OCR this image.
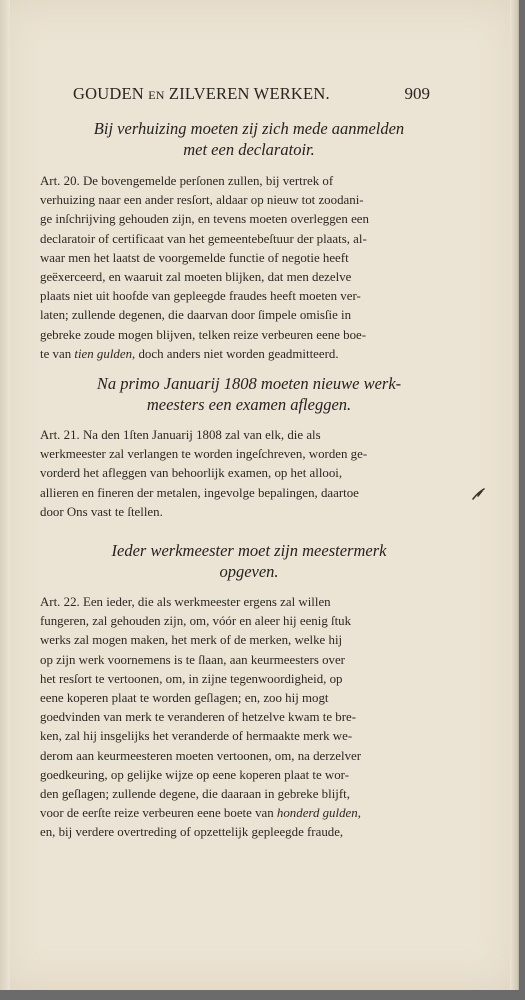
GOUDEN EN ZILVEREN WERKEN.	909
Bij verhuizing moeten zij zich mede aanmelden
met een declaratoir.
Art. 20. De bovengemelde perſonen zullen, bij vertrek of
verhuizing naar een ander resſort, aldaar op nieuw tot zoodani-
ge inſchrijving gehouden zijn, en tevens moeten overleggen een
declaratoir of certificaat van het gemeentebeſtuur der plaats, al-
waar men het laatst de voorgemelde functie of negotie heeft
geëxerceerd, en waaruit zal moeten blijken, dat men dezelve
plaats niet uit hoofde van gepleegde fraudes heeft moeten ver-
laten; zullende degenen, die daarvan door ſimpele omisſie in
gebreke zoude mogen blijven, telken reize verbeuren eene boe-
te van tien gulden, doch anders niet worden geadmitteerd.
Na primo Januarij 1808 moeten nieuwe werk-
meesters een examen afleggen.
Art. 21. Na den 1ſten Januarij 1808 zal van elk, die als
werkmeester zal verlangen te worden ingeſchreven, worden ge-
vorderd het afleggen van behoorlijk examen, op het allooi,
allieren en fineren der metalen, ingevolge bepalingen, daartoe
door Ons vast te ſtellen.
Ieder werkmeester moet zijn meestermerk
opgeven.
Art. 22. Een ieder, die als werkmeester ergens zal willen
fungeren, zal gehouden zijn, om, vóór en aleer hij eenig ſtuk
werks zal mogen maken, het merk of de merken, welke hij
op zijn werk voornemens is te ſlaan, aan keurmeesters over
het resſort te vertoonen, om, in zijne tegenwoordigheid, op
eene koperen plaat te worden geſlagen; en, zoo hij mogt
goedvinden van merk te veranderen of hetzelve kwam te bre-
ken, zal hij insgelijks het veranderde of hermaakte merk we-
derom aan keurmeesteren moeten vertoonen, om, na derzelver
goedkeuring, op gelijke wijze op eene koperen plaat te wor-
den geſlagen; zullende degene, die daaraan in gebreke blijft,
voor de eerſte reize verbeuren eene boete van honderd gulden,
en, bij verdere overtreding of opzettelijk gepleegde fraude,
